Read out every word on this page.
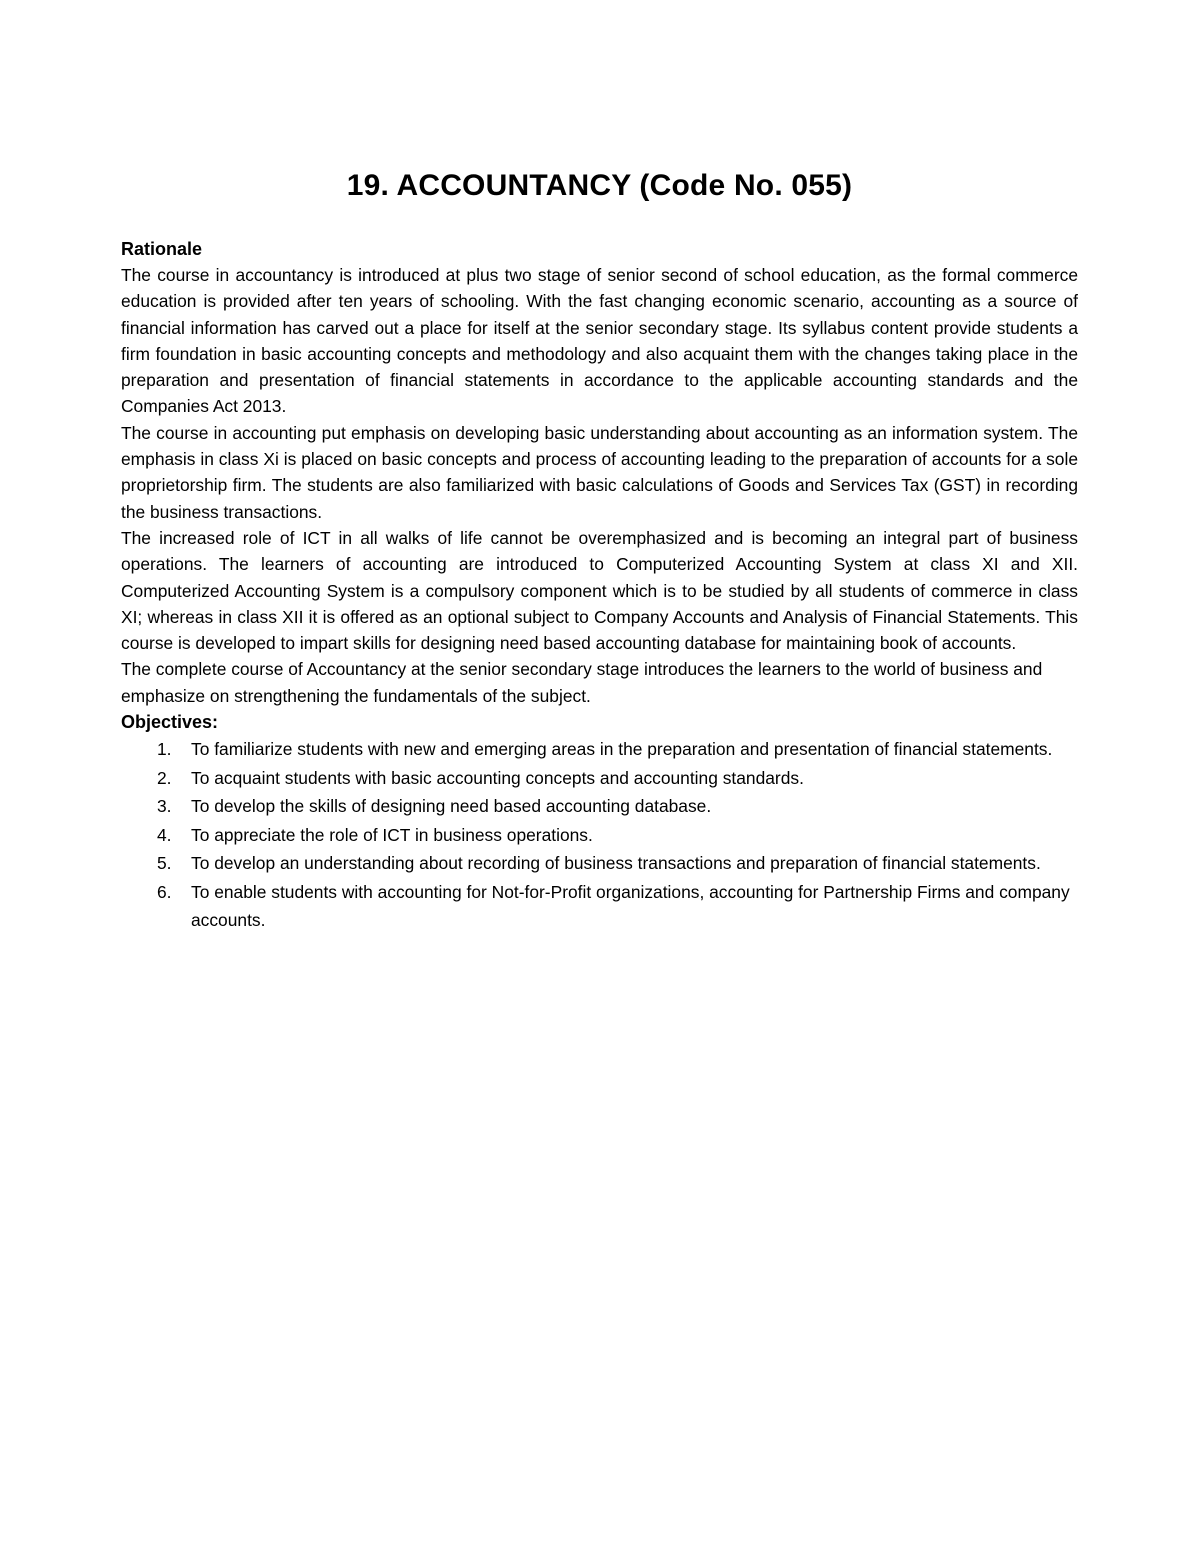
19. ACCOUNTANCY (Code No. 055)
Rationale

The course in accountancy is introduced at plus two stage of senior second of school education, as the formal commerce education is provided after ten years of schooling. With the fast changing economic scenario, accounting as a source of financial information has carved out a place for itself at the senior secondary stage. Its syllabus content provide students a firm foundation in basic accounting concepts and methodology and also acquaint them with the changes taking place in the preparation and presentation of financial statements in accordance to the applicable accounting standards and the Companies Act 2013.

The course in accounting put emphasis on developing basic understanding about accounting as an information system. The emphasis in class Xi is placed on basic concepts and process of accounting leading to the preparation of accounts for a sole proprietorship firm. The students are also familiarized with basic calculations of Goods and Services Tax (GST) in recording the business transactions.

The increased role of ICT in all walks of life cannot be overemphasized and is becoming an integral part of business operations. The learners of accounting are introduced to Computerized Accounting System at class XI and XII. Computerized Accounting System is a compulsory component which is to be studied by all students of commerce in class XI; whereas in class XII it is offered as an optional subject to Company Accounts and Analysis of Financial Statements. This course is developed to impart skills for designing need based accounting database for maintaining book of accounts.

The complete course of Accountancy at the senior secondary stage introduces the learners to the world of business and emphasize on strengthening the fundamentals of the subject.

Objectives:
1. To familiarize students with new and emerging areas in the preparation and presentation of financial statements.
2. To acquaint students with basic accounting concepts and accounting standards.
3. To develop the skills of designing need based accounting database.
4. To appreciate the role of ICT in business operations.
5. To develop an understanding about recording of business transactions and preparation of financial statements.
6. To enable students with accounting for Not-for-Profit organizations, accounting for Partnership Firms and company accounts.
